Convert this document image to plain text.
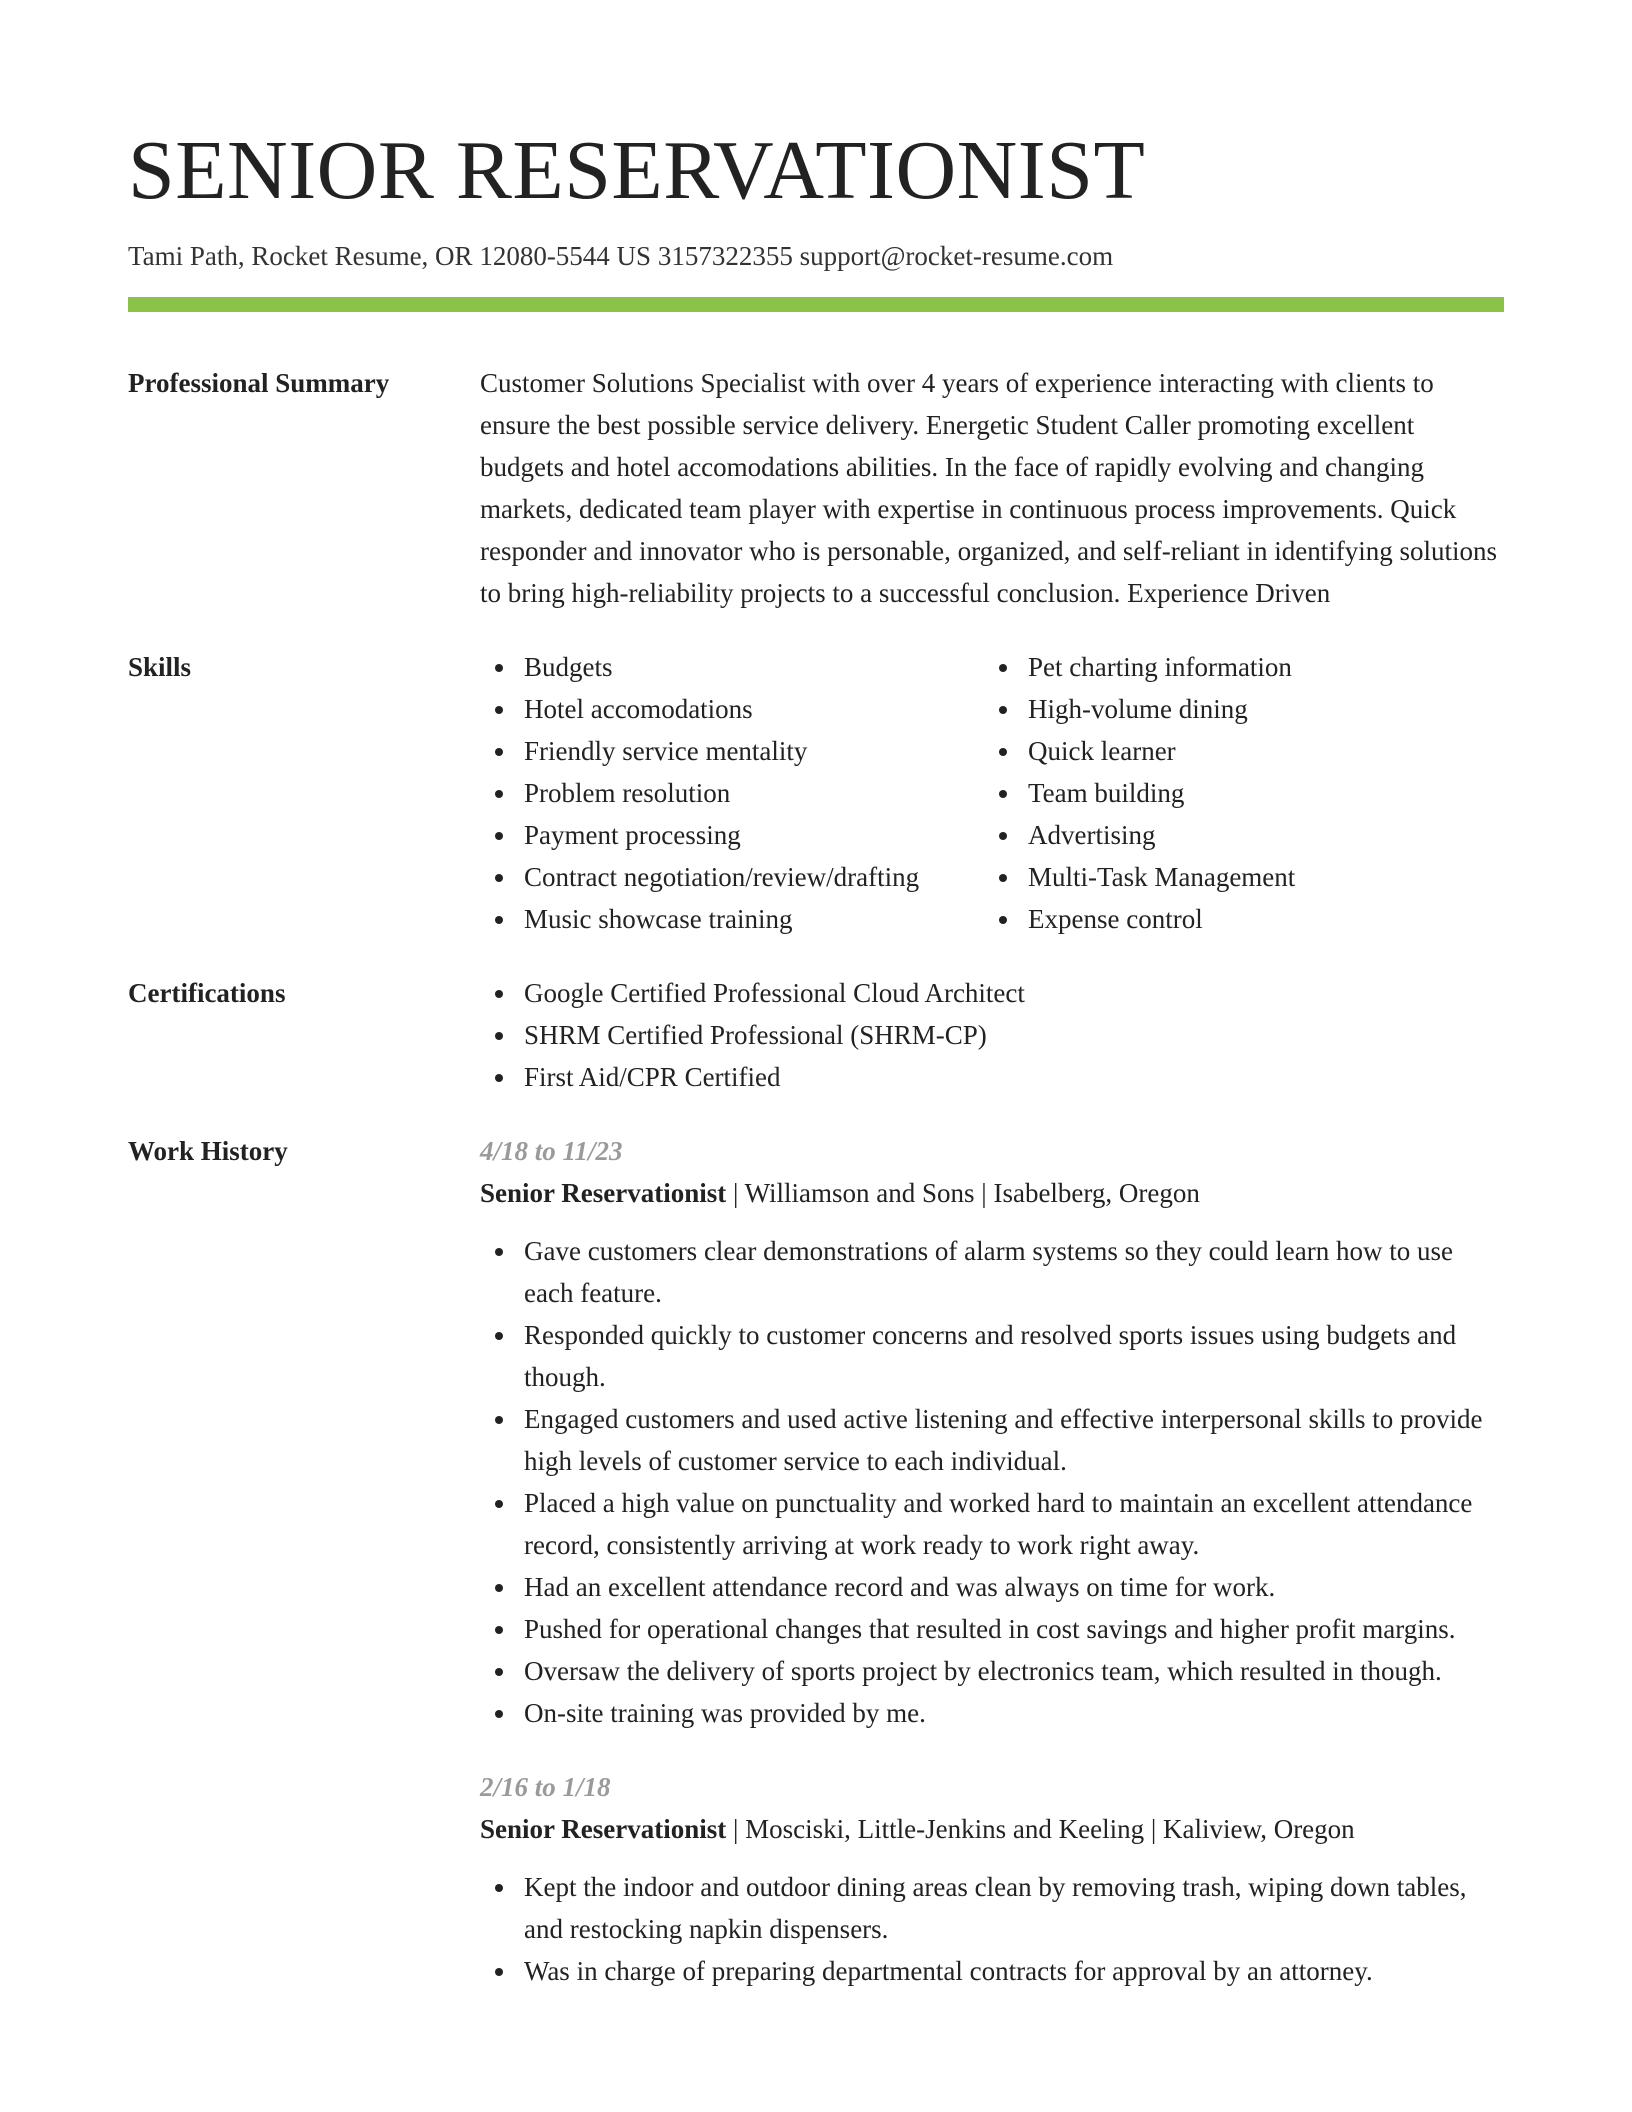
SENIOR RESERVATIONIST
Tami Path, Rocket Resume, OR 12080-5544 US 3157322355 support@rocket-resume.com
Professional Summary	Customer Solutions Specialist with over 4 years of experience interacting with clients to ensure the best possible service delivery. Energetic Student Caller promoting excellent budgets and hotel accomodations abilities. In the face of rapidly evolving and changing markets, dedicated team player with expertise in continuous process improvements. Quick responder and innovator who is personable, organized, and self-reliant in identifying solutions to bring high-reliability projects to a successful conclusion. Experience Driven
Skills	Budgets
Hotel accomodations
Friendly service mentality
Problem resolution
Payment processing
Contract negotiation/review/drafting
Music showcase training
Pet charting information
High-volume dining
Quick learner
Team building
Advertising
Multi-Task Management
Expense control
Certifications	Google Certified Professional Cloud Architect
SHRM Certified Professional (SHRM-CP)
First Aid/CPR Certified
Work History	4/18 to 11/23
Senior Reservationist | Williamson and Sons | Isabelberg, Oregon
Gave customers clear demonstrations of alarm systems so they could learn how to use each feature.
Responded quickly to customer concerns and resolved sports issues using budgets and though.
Engaged customers and used active listening and effective interpersonal skills to provide high levels of customer service to each individual.
Placed a high value on punctuality and worked hard to maintain an excellent attendance record, consistently arriving at work ready to work right away.
Had an excellent attendance record and was always on time for work.
Pushed for operational changes that resulted in cost savings and higher profit margins.
Oversaw the delivery of sports project by electronics team, which resulted in though.
On-site training was provided by me.
2/16 to 1/18
Senior Reservationist | Mosciski, Little-Jenkins and Keeling | Kaliview, Oregon
Kept the indoor and outdoor dining areas clean by removing trash, wiping down tables, and restocking napkin dispensers.
Was in charge of preparing departmental contracts for approval by an attorney.
